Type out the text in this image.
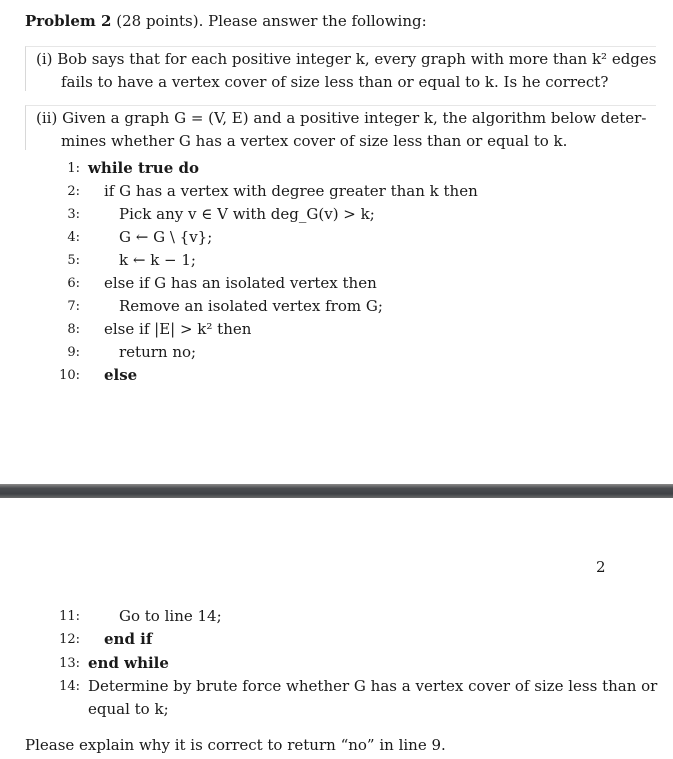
Problem 2 (28 points). Please answer the following:
(i) Bob says that for each positive integer k, every graph with more than k² edges
fails to have a vertex cover of size less than or equal to k. Is he correct?
(ii) Given a graph G = (V, E) and a positive integer k, the algorithm below deter-
mines whether G has a vertex cover of size less than or equal to k.
1: while true do
2: if G has a vertex with degree greater than k then
3:	Pick any v ∈ V with deg_G(v) > k;
4:	G ← G \ {v};
5:	k ← k − 1;
6: else if G has an isolated vertex then
7:	Remove an isolated vertex from G;
8: else if |E| > k² then
9:	return no;
10: else
2
11:	Go to line 14;
12: end if
13: end while
14: Determine by brute force whether G has a vertex cover of size less than or
equal to k;
Please explain why it is correct to return “no” in line 9.
